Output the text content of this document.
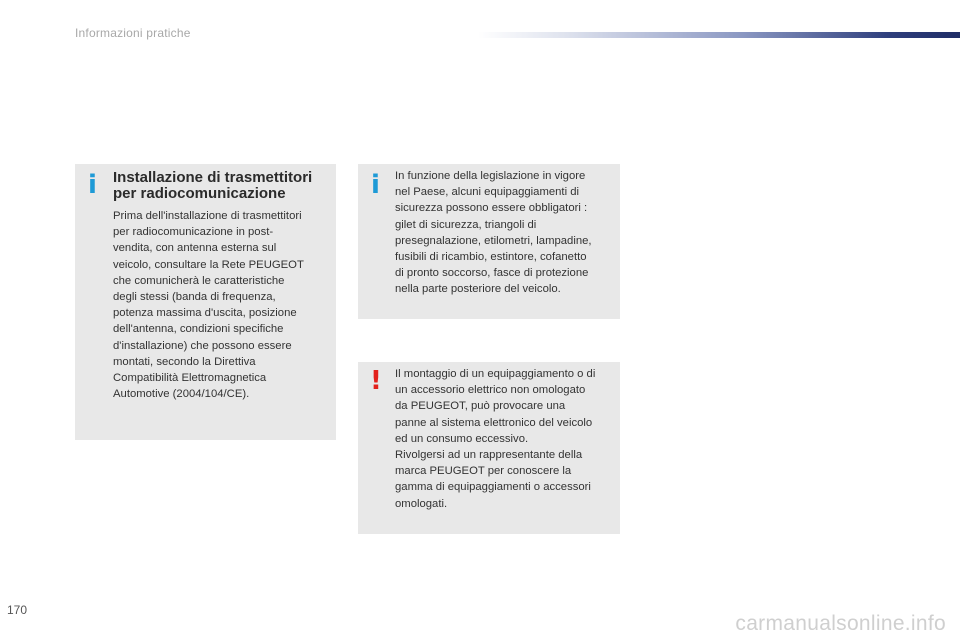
Informazioni pratiche
i Installazione di trasmettitori
per radiocomunicazione
Prima dell'installazione di trasmettitori
per radiocomunicazione in post-
vendita, con antenna esterna sul
veicolo, consultare la Rete PEUGEOT
che comunicherà le caratteristiche
degli stessi (banda di frequenza,
potenza massima d'uscita, posizione
dell'antenna, condizioni specifiche
d'installazione) che possono essere
montati, secondo la Direttiva
Compatibilità Elettromagnetica
Automotive (2004/104/CE).
i In funzione della legislazione in vigore
nel Paese, alcuni equipaggiamenti di
sicurezza possono essere obbligatori :
gilet di sicurezza, triangoli di
presegnalazione, etilometri, lampadine,
fusibili di ricambio, estintore, cofanetto
di pronto soccorso, fasce di protezione
nella parte posteriore del veicolo.
! Il montaggio di un equipaggiamento o di
un accessorio elettrico non omologato
da PEUGEOT, può provocare una
panne al sistema elettronico del veicolo
ed un consumo eccessivo.
Rivolgersi ad un rappresentante della
marca PEUGEOT per conoscere la
gamma di equipaggiamenti o accessori
omologati.
170
carmanualsonline.info
